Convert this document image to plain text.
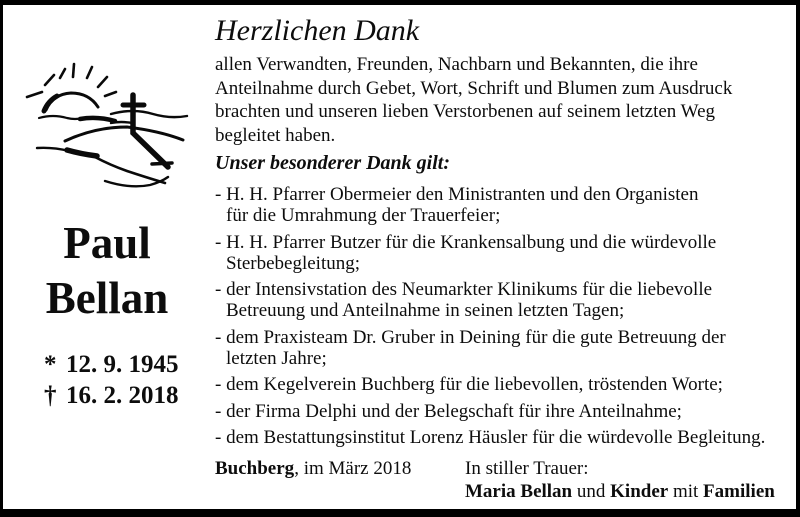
Paul
Bellan
* 12. 9. 1945
† 16. 2. 2018
Herzlichen Dank
allen Verwandten, Freunden, Nachbarn und Bekannten, die ihre
Anteilnahme durch Gebet, Wort, Schrift und Blumen zum Ausdruck
brachten und unseren lieben Verstorbenen auf seinem letzten Weg
begleitet haben.
Unser besonderer Dank gilt:
- H. H. Pfarrer Obermeier den Ministranten und den Organisten
für die Umrahmung der Trauerfeier;
- H. H. Pfarrer Butzer für die Krankensalbung und die würdevolle
Sterbebegleitung;
- der Intensivstation des Neumarkter Klinikums für die liebevolle
Betreuung und Anteilnahme in seinen letzten Tagen;
- dem Praxisteam Dr. Gruber in Deining für die gute Betreuung der
letzten Jahre;
- dem Kegelverein Buchberg für die liebevollen, tröstenden Worte;
- der Firma Delphi und der Belegschaft für ihre Anteilnahme;
- dem Bestattungsinstitut Lorenz Häusler für die würdevolle Begleitung.
Buchberg, im März 2018	In stiller Trauer:
Maria Bellan und Kinder mit Familien
